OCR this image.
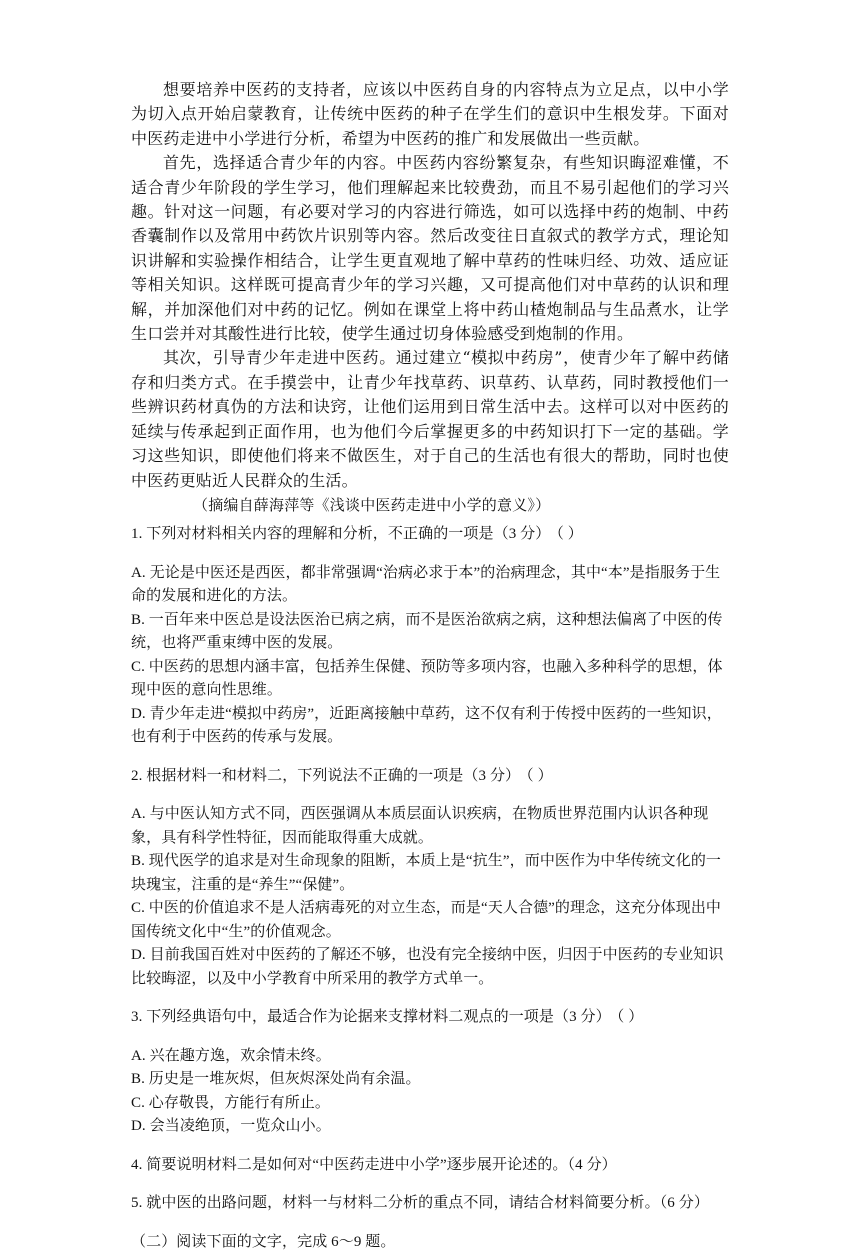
想要培养中医药的支持者，应该以中医药自身的内容特点为立足点，以中小学为切入点开始启蒙教育，让传统中医药的种子在学生们的意识中生根发芽。下面对中医药走进中小学进行分析，希望为中医药的推广和发展做出一些贡献。

首先，选择适合青少年的内容。中医药内容纷繁复杂，有些知识晦涩难懂，不适合青少年阶段的学生学习，他们理解起来比较费劲，而且不易引起他们的学习兴趣。针对这一问题，有必要对学习的内容进行筛选，如可以选择中药的炮制、中药香囊制作以及常用中药饮片识别等内容。然后改变往日直叙式的教学方式，理论知识讲解和实验操作相结合，让学生更直观地了解中草药的性味归经、功效、适应证等相关知识。这样既可提高青少年的学习兴趣，又可提高他们对中草药的认识和理解，并加深他们对中药的记忆。例如在课堂上将中药山楂炮制品与生品煮水，让学生口尝并对其酸性进行比较，使学生通过切身体验感受到炮制的作用。

其次，引导青少年走进中医药。通过建立“模拟中药房”，使青少年了解中药储存和归类方式。在手摸尝中，让青少年找草药、识草药、认草药，同时教授他们一些辨识药材真伪的方法和诀窍，让他们运用到日常生活中去。这样可以对中医药的延续与传承起到正面作用，也为他们今后掌握更多的中药知识打下一定的基础。学习这些知识，即使他们将来不做医生，对于自己的生活也有很大的帮助，同时也使中医药更贴近人民群众的生活。

（摘编自薛海萍等《浅谈中医药走进中小学的意义》）

1. 下列对材料相关内容的理解和分析，不正确的一项是（3 分） （ ）

A. 无论是中医还是西医，都非常强调“治病必求于本”的治病理念，其中“本”是指服务于生命的发展和进化的方法。

B. 一百年来中医总是设法医治已病之病，而不是医治欲病之病，这种想法偏离了中医的传统，也将严重束缚中医的发展。

C. 中医药的思想内涵丰富，包括养生保健、预防等多项内容，也融入多种科学的思想，体现中医的意向性思维。

D. 青少年走进“模拟中药房”，近距离接触中草药，这不仅有利于传授中医药的一些知识，也有利于中医药的传承与发展。

2. 根据材料一和材料二，下列说法不正确的一项是（3 分） （ ）

A. 与中医认知方式不同，西医强调从本质层面认识疾病，在物质世界范围内认识各种现象，具有科学性特征，因而能取得重大成就。

B. 现代医学的追求是对生命现象的阻断，本质上是“抗生”，而中医作为中华传统文化的一块瑰宝，注重的是“养生”“保健”。

C. 中医的价值追求不是人活病毒死的对立生态，而是“天人合德”的理念，这充分体现出中国传统文化中“生”的价值观念。

D. 目前我国百姓对中医药的了解还不够，也没有完全接纳中医，归因于中医药的专业知识比较晦涩，以及中小学教育中所采用的教学方式单一。

3. 下列经典语句中，最适合作为论据来支撑材料二观点的一项是（3 分） （ ）

A. 兴在趣方逸，欢余情未终。

B. 历史是一堆灰烬，但灰烬深处尚有余温。

C. 心存敬畏，方能行有所止。

D. 会当凌绝顶，一览众山小。

4. 简要说明材料二是如何对“中医药走进中小学”逐步展开论述的。（4 分）

5. 就中医的出路问题，材料一与材料二分析的重点不同，请结合材料简要分析。（6 分）

（二）阅读下面的文字，完成 6～9 题。
